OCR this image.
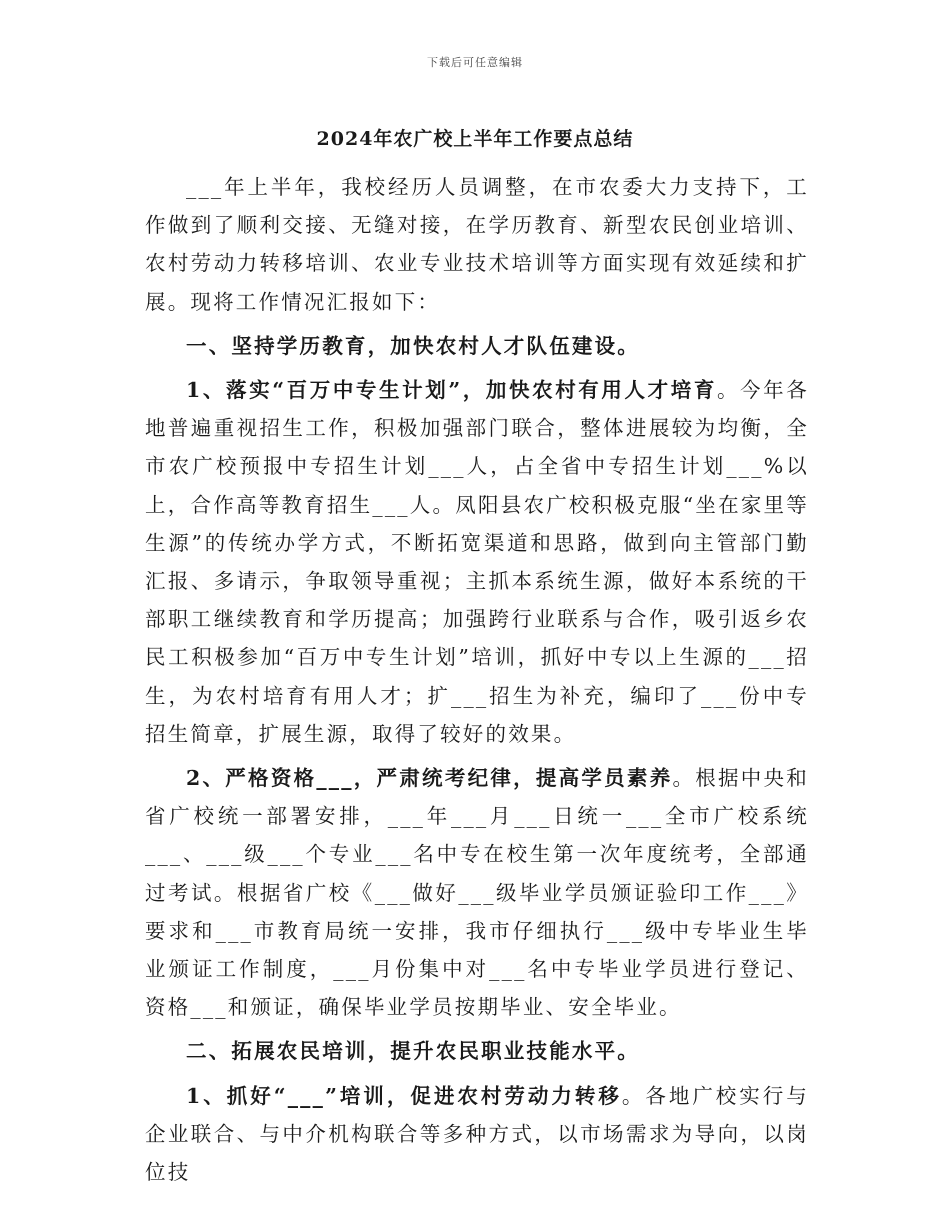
下载后可任意编辑
2024年农广校上半年工作要点总结

___年上半年，我校经历人员调整，在市农委大力支持下，工作做到了顺利交接、无缝对接，在学历教育、新型农民创业培训、农村劳动力转移培训、农业专业技术培训等方面实现有效延续和扩展。现将工作情况汇报如下：

一、坚持学历教育，加快农村人才队伍建设。

1、落实“百万中专生计划”，加快农村有用人才培育。今年各地普遍重视招生工作，积极加强部门联合，整体进展较为均衡，全市农广校预报中专招生计划___人，占全省中专招生计划___%以上，合作高等教育招生___人。凤阳县农广校积极克服“坐在家里等生源”的传统办学方式，不断拓宽渠道和思路，做到向主管部门勤汇报、多请示，争取领导重视；主抓本系统生源，做好本系统的干部职工继续教育和学历提高；加强跨行业联系与合作，吸引返乡农民工积极参加“百万中专生计划”培训，抓好中专以上生源的___招生，为农村培育有用人才；扩___招生为补充，编印了___份中专招生简章，扩展生源，取得了较好的效果。

2、严格资格___，严肃统考纪律，提高学员素养。根据中央和省广校统一部署安排，___年___月___日统一___全市广校系统___、___级___个专业___名中专在校生第一次年度统考，全部通过考试。根据省广校《___做好___级毕业学员颁证验印工作___》要求和___市教育局统一安排，我市仔细执行___级中专毕业生毕业颁证工作制度，___月份集中对___名中专毕业学员进行登记、资格___和颁证，确保毕业学员按期毕业、安全毕业。

二、拓展农民培训，提升农民职业技能水平。

1、抓好“___”培训，促进农村劳动力转移。各地广校实行与企业联合、与中介机构联合等多种方式，以市场需求为导向，以岗位技
